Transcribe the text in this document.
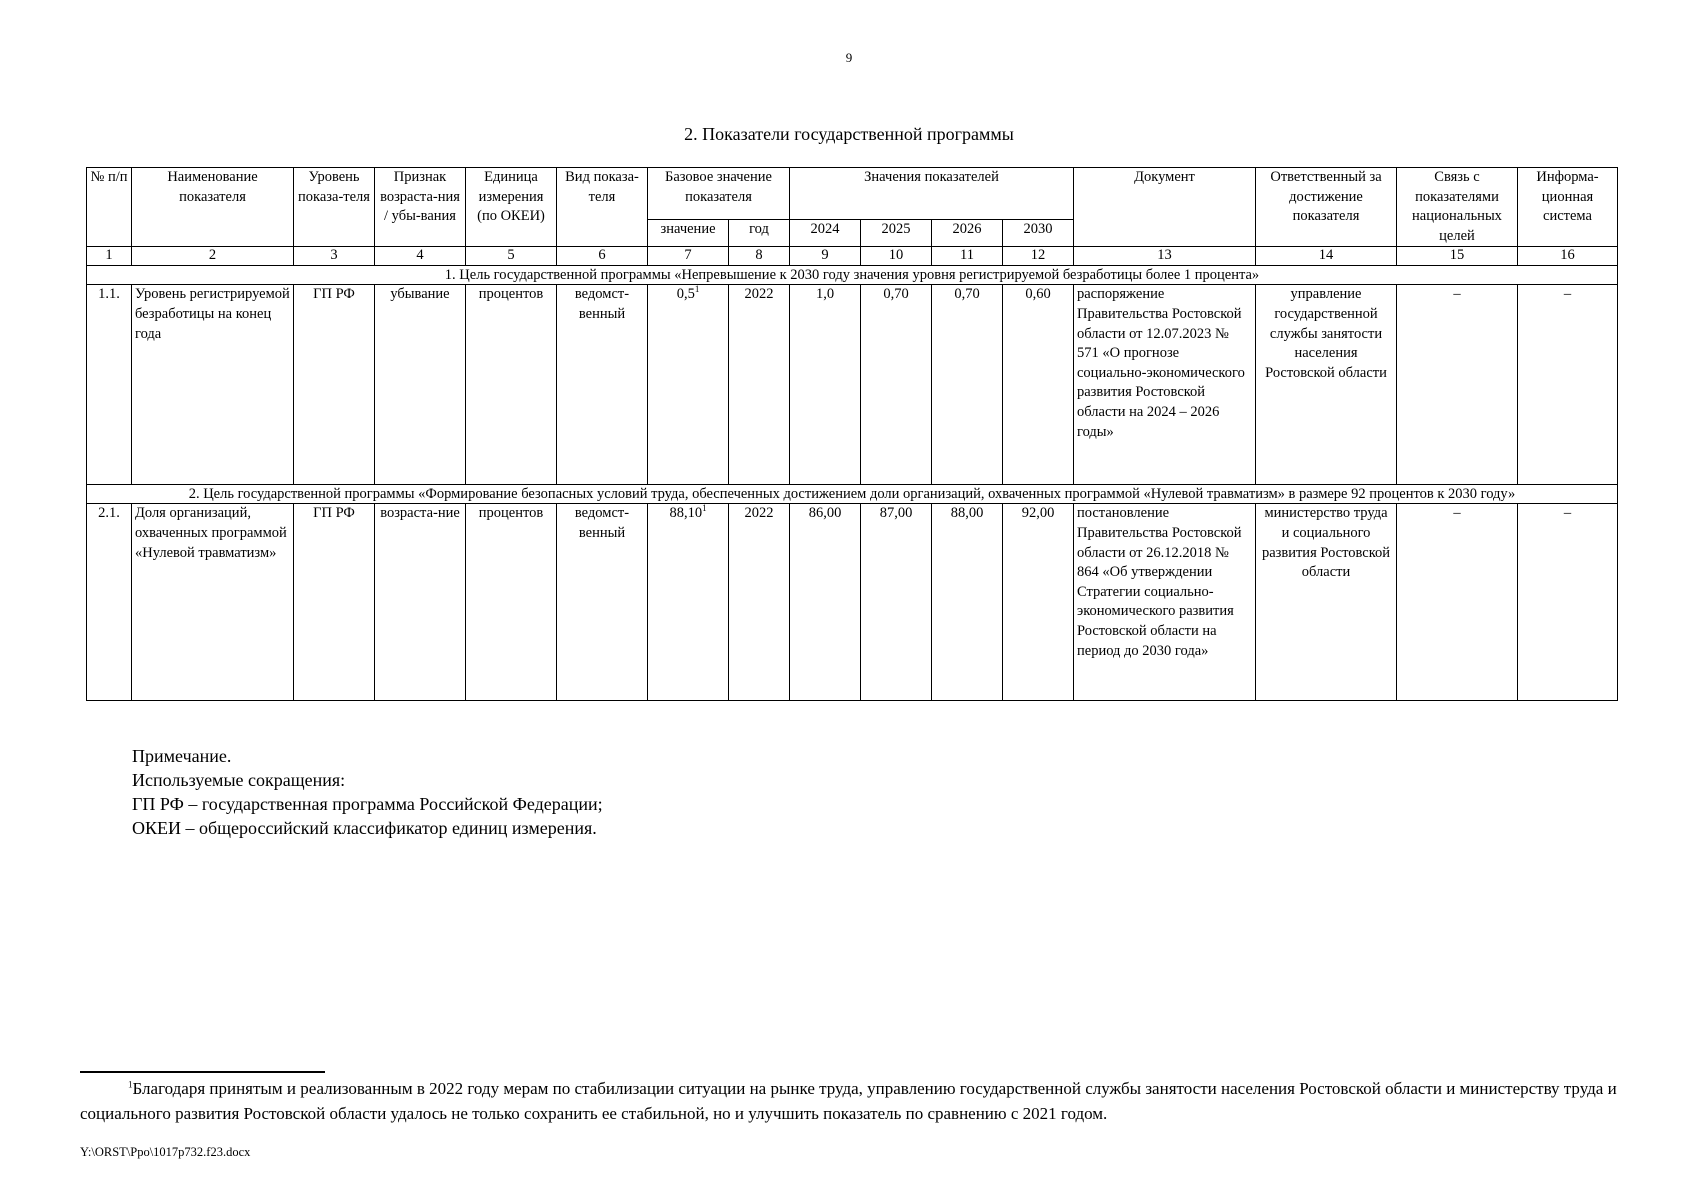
9
2. Показатели государственной программы
№ п/п	Наименование показателя	Уровень показа-теля	Признак возраста-ния / убы-вания	Единица измерения (по ОКЕИ)	Вид показа-теля	Базовое значение показателя		Значения показателей				Документ	Ответственный за достижение показателя	Связь с показателями национальных целей	Информа-ционная система

						значение	год	2024	2025	2026	2030				
1	2	3	4	5	6	7	8	9	10	11	12	13	14	15	16
1. Цель государственной программы «Непревышение к 2030 году значения уровня регистрируемой безработицы более 1 процента»															
1.1.	Уровень регистрируемой безработицы на конец года	ГП РФ	убывание	процентов	ведомст-венный	$0,5^1$	2022	1,0	0,70	0,70	0,60	распоряжение Правительства Ростовской области от 12.07.2023 № 571 «О прогнозе социально-экономического развития Ростовской области на 2024 – 2026 годы»	управление государственной службы занятости населения Ростовской области	–	–
2. Цель государственной программы «Формирование безопасных условий труда, обеспеченных достижением доли организаций, охваченных программой «Нулевой травматизм» в размере 92 процентов к 2030 году»															
2.1.	Доля организаций, охваченных программой «Нулевой травматизм»	ГП РФ	возраста-ние	процентов	ведомст-венный	88,10$^1$	2022	86,00	87,00	88,00	92,00	постановление Правительства Ростовской области от 26.12.2018 № 864 «Об утверждении Стратегии социально-экономического развития Ростовской области на период до 2030 года»	министерство труда и социального развития Ростовской области	–	–
Примечание.
Используемые сокращения:
ГП РФ – государственная программа Российской Федерации;
ОКЕИ – общероссийский классификатор единиц измерения.
$^1$Благодаря принятым и реализованным в 2022 году мерам по стабилизации ситуации на рынке труда, управлению государственной службы занятости населения Ростовской области и министерству труда и социального развития Ростовской области удалось не только сохранить ее стабильной, но и улучшить показатель по сравнению с 2021 годом.
Y:\ORST\Ppo\1017p732.f23.docx
